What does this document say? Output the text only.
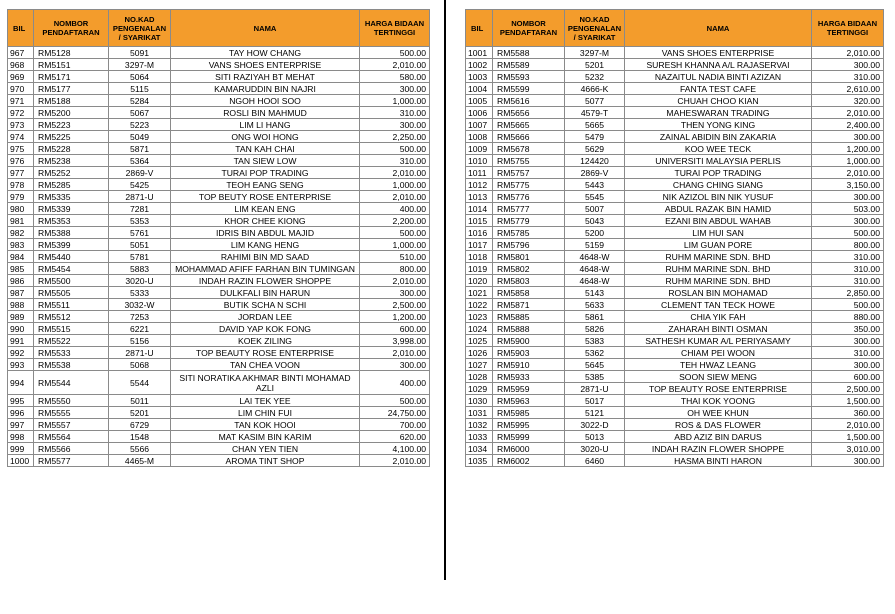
BIL	NOMBOR PENDAFTARAN	NO.KAD PENGENALAN / SYARIKAT	NAMA	HARGA BIDAAN TERTINGGI
967	RM5128	5091	TAY HOW CHANG	500.00
968	RM5151	3297-M	VANS SHOES ENTERPRISE	2,010.00
969	RM5171	5064	SITI RAZIYAH BT MEHAT	580.00
970	RM5177	5115	KAMARUDDIN BIN NAJRI	300.00
971	RM5188	5284	NGOH HOOI SOO	1,000.00
972	RM5200	5067	ROSLI BIN MAHMUD	310.00
973	RM5223	5223	LIM LI HANG	300.00
974	RM5225	5049	ONG WOI HONG	2,250.00
975	RM5228	5871	TAN KAH CHAI	500.00
976	RM5238	5364	TAN SIEW LOW	310.00
977	RM5252	2869-V	TURAI POP TRADING	2,010.00
978	RM5285	5425	TEOH EANG SENG	1,000.00
979	RM5335	2871-U	TOP BEUTY ROSE ENTERPRISE	2,010.00
980	RM5339	7281	LIM KEAN ENG	400.00
981	RM5353	5353	KHOR CHEE KIONG	2,200.00
982	RM5388	5761	IDRIS BIN ABDUL MAJID	500.00
983	RM5399	5051	LIM KANG HENG	1,000.00
984	RM5440	5781	RAHIMI BIN MD SAAD	510.00
985	RM5454	5883	MOHAMMAD AFIFF FARHAN BIN TUMINGAN	800.00
986	RM5500	3020-U	INDAH RAZIN FLOWER SHOPPE	2,010.00
987	RM5505	5333	DULKFALI BIN HARUN	300.00
988	RM5511	3032-W	BUTIK SCHA N SCHI	2,500.00
989	RM5512	7253	JORDAN LEE	1,200.00
990	RM5515	6221	DAVID YAP KOK FONG	600.00
991	RM5522	5156	KOEK ZILING	3,998.00
992	RM5533	2871-U	TOP BEAUTY ROSE ENTERPRISE	2,010.00
993	RM5538	5068	TAN CHEA VOON	300.00
994	RM5544	5544	SITI NORATIKA AKHMAR BINTI MOHAMAD AZLI	400.00
995	RM5550	5011	LAI TEK YEE	500.00
996	RM5555	5201	LIM CHIN FUI	24,750.00
997	RM5557	6729	TAN KOK HOOI	700.00
998	RM5564	1548	MAT KASIM BIN KARIM	620.00
999	RM5566	5566	CHAN YEN TIEN	4,100.00
1000	RM5577	4465-M	AROMA TINT SHOP	2,010.00
BIL	NOMBOR PENDAFTARAN	NO.KAD PENGENALAN / SYARIKAT	NAMA	HARGA BIDAAN TERTINGGI
1001	RM5588	3297-M	VANS SHOES ENTERPRISE	2,010.00
1002	RM5589	5201	SURESH KHANNA A/L RAJASERVAI	300.00
1003	RM5593	5232	NAZAITUL NADIA BINTI AZIZAN	310.00
1004	RM5599	4666-K	FANTA TEST CAFE	2,610.00
1005	RM5616	5077	CHUAH CHOO KIAN	320.00
1006	RM5656	4579-T	MAHESWARAN TRADING	2,010.00
1007	RM5665	5665	THEN YONG KING	2,400.00
1008	RM5666	5479	ZAINAL ABIDIN BIN ZAKARIA	300.00
1009	RM5678	5629	KOO WEE TECK	1,200.00
1010	RM5755	124420	UNIVERSITI MALAYSIA PERLIS	1,000.00
1011	RM5757	2869-V	TURAI POP TRADING	2,010.00
1012	RM5775	5443	CHANG CHING SIANG	3,150.00
1013	RM5776	5545	NIK AZIZOL BIN NIK YUSUF	300.00
1014	RM5777	5007	ABDUL RAZAK BIN HAMID	503.00
1015	RM5779	5043	EZANI BIN ABDUL WAHAB	300.00
1016	RM5785	5200	LIM HUI SAN	500.00
1017	RM5796	5159	LIM GUAN PORE	800.00
1018	RM5801	4648-W	RUHM MARINE SDN. BHD	310.00
1019	RM5802	4648-W	RUHM MARINE SDN. BHD	310.00
1020	RM5803	4648-W	RUHM MARINE SDN. BHD	310.00
1021	RM5858	5143	ROSLAN BIN MOHAMAD	2,850.00
1022	RM5871	5633	CLEMENT TAN TECK HOWE	500.00
1023	RM5885	5861	CHIA YIK FAH	880.00
1024	RM5888	5826	ZAHARAH BINTI OSMAN	350.00
1025	RM5900	5383	SATHESH KUMAR A/L PERIYASAMY	300.00
1026	RM5903	5362	CHIAM PEI WOON	310.00
1027	RM5910	5645	TEH HWAZ LEANG	300.00
1028	RM5933	5385	SOON SIEW MENG	600.00
1029	RM5959	2871-U	TOP BEAUTY ROSE ENTERPRISE	2,500.00
1030	RM5963	5017	THAI KOK YOONG	1,500.00
1031	RM5985	5121	OH WEE KHUN	360.00
1032	RM5995	3022-D	ROS & DAS FLOWER	2,010.00
1033	RM5999	5013	ABD AZIZ BIN DARUS	1,500.00
1034	RM6000	3020-U	INDAH RAZIN FLOWER SHOPPE	3,010.00
1035	RM6002	6460	HASMA BINTI HARON	300.00
